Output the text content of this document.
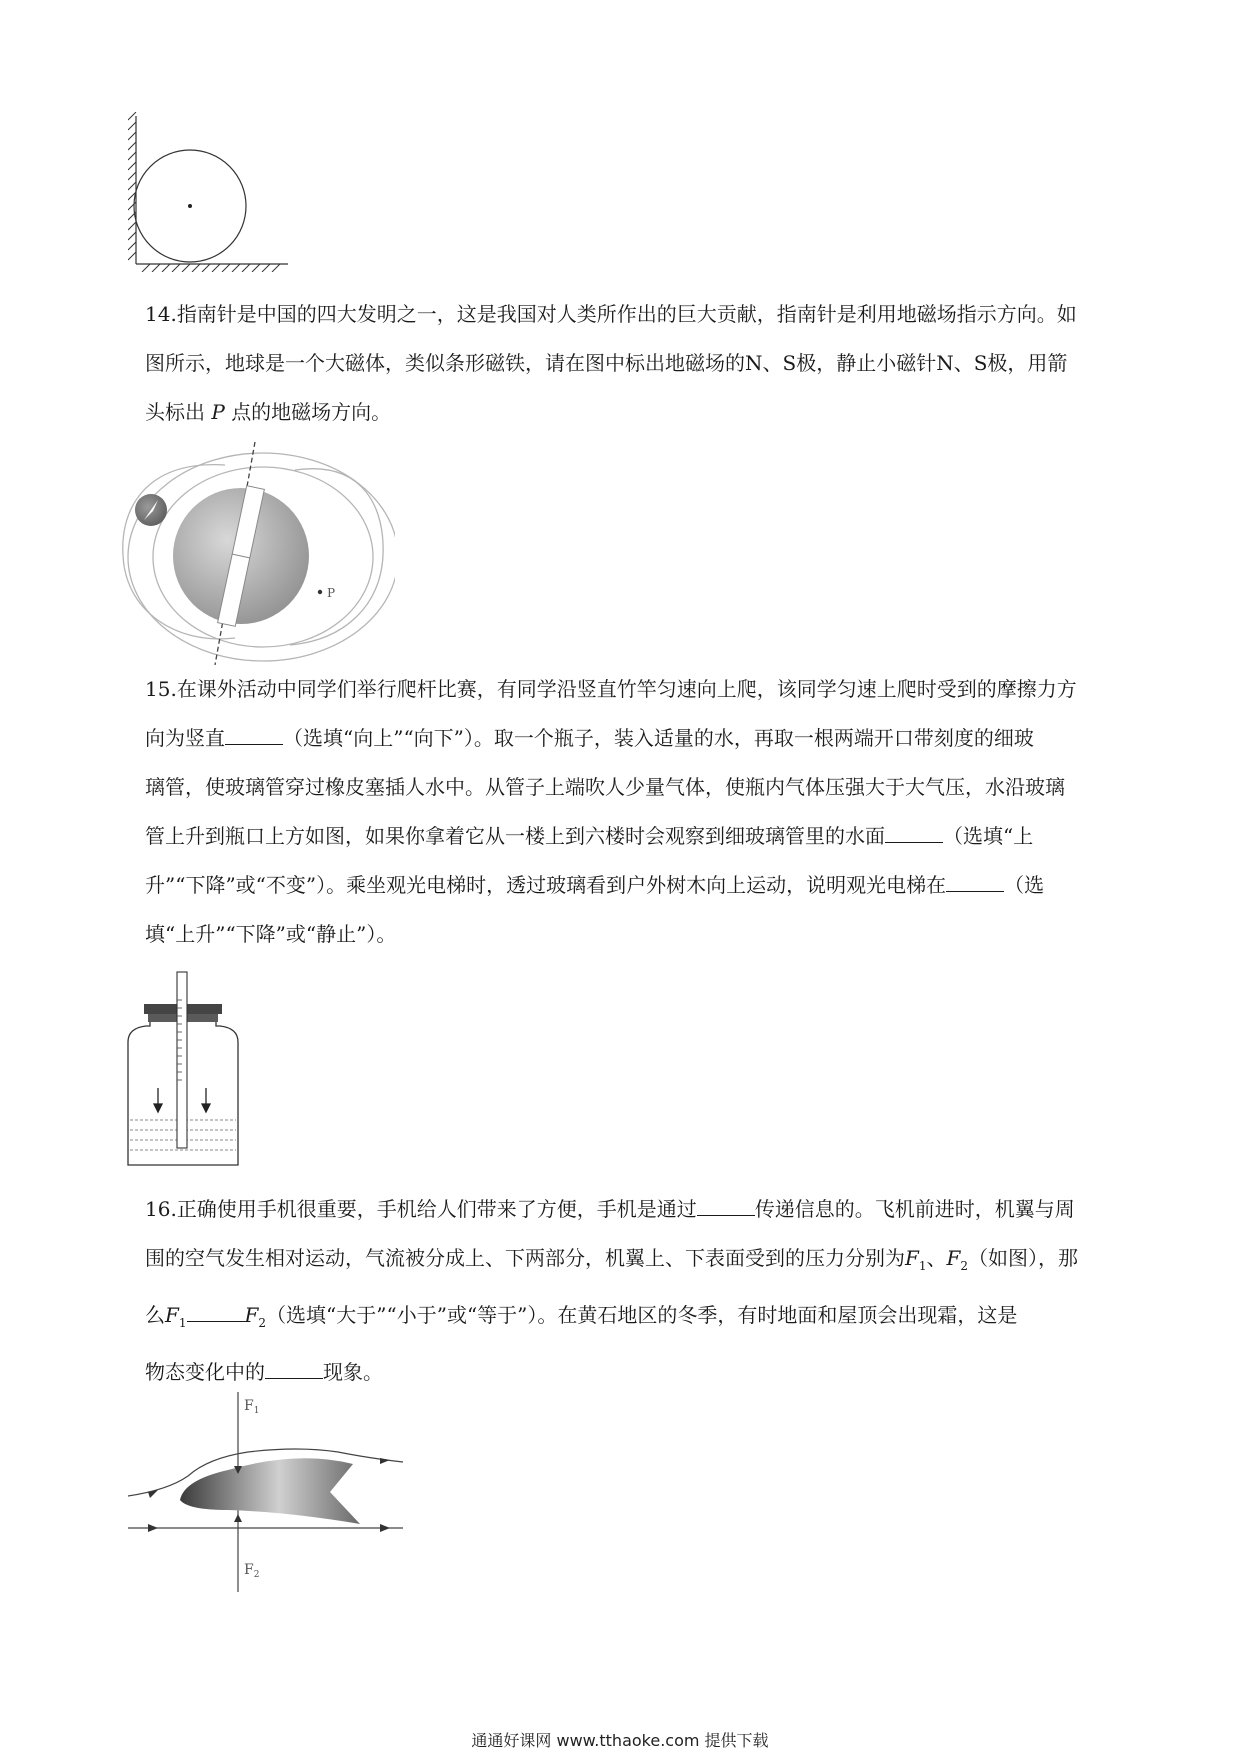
14.指南针是中国的四大发明之一，这是我国对人类所作出的巨大贡献，指南针是利用地磁场指示方向。如
图所示，地球是一个大磁体，类似条形磁铁，请在图中标出地磁场的N、S极，静止小磁针N、S极，用箭
头标出 P 点的地磁场方向。

P

15.在课外活动中同学们举行爬杆比赛，有同学沿竖直竹竿匀速向上爬，该同学匀速上爬时受到的摩擦力方
向为竖直	（选填“向上”“向下”）。取一个瓶子，装入适量的水，再取一根两端开口带刻度的细玻
璃管，使玻璃管穿过橡皮塞插人水中。从管子上端吹人少量气体，使瓶内气体压强大于大气压，水沿玻璃
管上升到瓶口上方如图，如果你拿着它从一楼上到六楼时会观察到细玻璃管里的水面	（选填“上
升”“下降”或“不变”）。乘坐观光电梯时，透过玻璃看到户外树木向上运动，说明观光电梯在	（选
填“上升”“下降”或“静止”）。

16.正确使用手机很重要，手机给人们带来了方便，手机是通过	传递信息的。飞机前进时，机翼与周
围的空气发生相对运动，气流被分成上、下两部分，机翼上、下表面受到的压力分别为$F_1$、$F_2$（如图），那
么$F_1$	$F_2$（选填“大于”“小于”或“等于”）。在黄石地区的冬季，有时地面和屋顶会出现霜，这是
物态变化中的	现象。

$F_1$
$F_2$
通通好课网 www.tthaoke.com 提供下载
